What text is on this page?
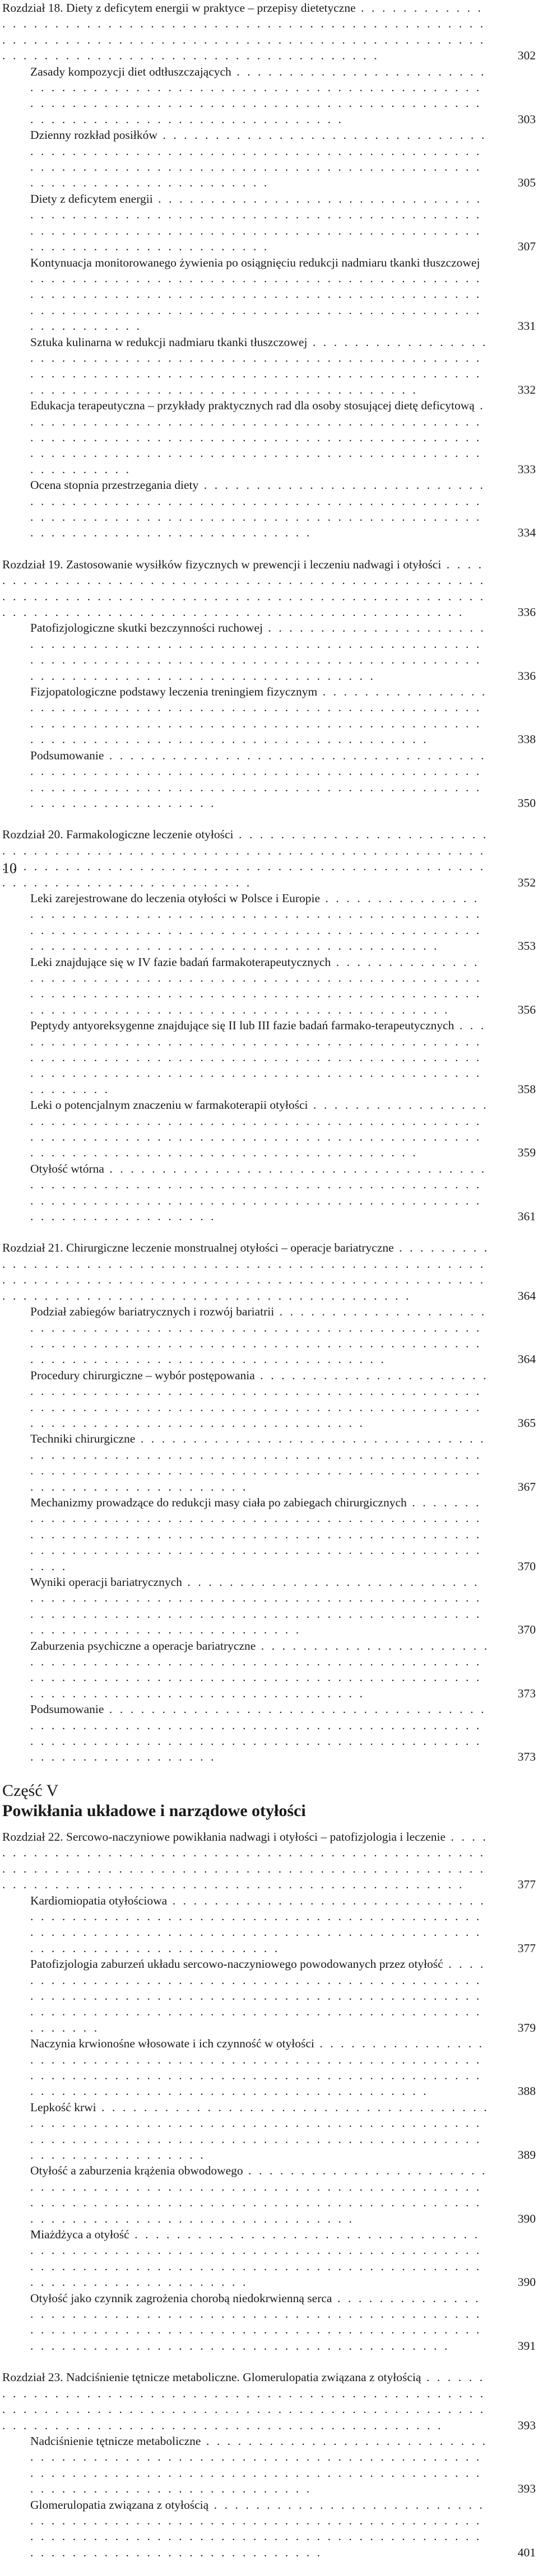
Rozdział 18. Diety z deficytem energii w praktyce – przepisy dietetyczne . . .
302
Zasady kompozycji diet odtłuszczających . . .
303
Dzienny rozkład posiłków . . .
305
Diety z deficytem energii . . .
307
Kontynuacja monitorowanego żywienia po osiągnięciu redukcji nadmiaru tkanki tłuszczowej . . .
331
Sztuka kulinarna w redukcji nadmiaru tkanki tłuszczowej . . .
332
Edukacja terapeutyczna – przykłady praktycznych rad dla osoby stosującej dietę deficytową . . .
333
Ocena stopnia przestrzegania diety . . .
334
Rozdział 19. Zastosowanie wysiłków fizycznych w prewencji i leczeniu nadwagi i otyłości . . .
336
Patofizjologiczne skutki bezczynności ruchowej . . .
336
Fizjopatologiczne podstawy leczenia treningiem fizycznym . . .
338
Podsumowanie . . .
350
Rozdział 20. Farmakologiczne leczenie otyłości . . .
352
Leki zarejestrowane do leczenia otyłości w Polsce i Europie . . .
353
Leki znajdujące się w IV fazie badań farmakoterapeutycznych . . .
356
Peptydy antyoreksygenne znajdujące się II lub III fazie badań farmako-terapeutycznych . . .
358
Leki o potencjalnym znaczeniu w farmakoterapii otyłości . . .
359
Otyłość wtórna . . .
361
Rozdział 21. Chirurgiczne leczenie monstrualnej otyłości – operacje bariatryczne . . .
364
Podział zabiegów bariatrycznych i rozwój bariatrii . . .
364
Procedury chirurgiczne – wybór postępowania . . .
365
Techniki chirurgiczne . . .
367
Mechanizmy prowadzące do redukcji masy ciała po zabiegach chirurgicznych . . .
370
Wyniki operacji bariatrycznych . . .
370
Zaburzenia psychiczne a operacje bariatryczne . . .
373
Podsumowanie . . .
373
Część V
Powikłania układowe i narządowe otyłości
Rozdział 22. Sercowo-naczyniowe powikłania nadwagi i otyłości – patofizjologia i leczenie . . .
377
Kardiomiopatia otyłościowa . . .
377
Patofizjologia zaburzeń układu sercowo-naczyniowego powodowanych przez otyłość . . .
379
Naczynia krwionośne włosowate i ich czynność w otyłości . . .
388
Lepkość krwi . . .
389
Otyłość a zaburzenia krążenia obwodowego . . .
390
Miażdżyca a otyłość . . .
390
Otyłość jako czynnik zagrożenia chorobą niedokrwienną serca . . .
391
Rozdział 23. Nadciśnienie tętnicze metaboliczne. Glomerulopatia związana z otyłością . . .
393
Nadciśnienie tętnicze metaboliczne . . .
393
Glomerulopatia związana z otyłością . . .
401
10
